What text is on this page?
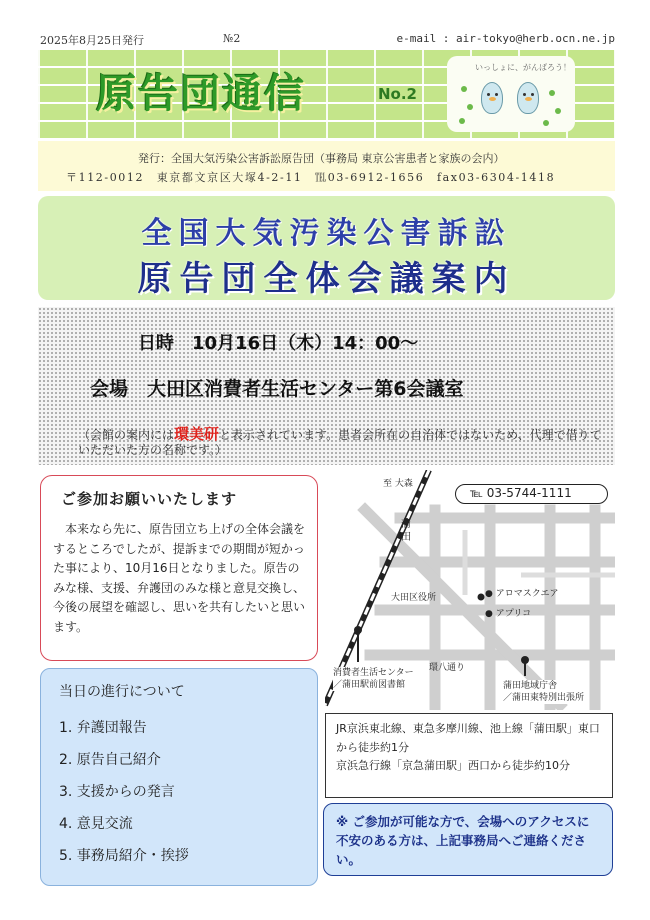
2025年8月25日発行	№2	e-mail : air-tokyo@herb.ocn.ne.jp
原告団通信	No.2
いっしょに、がんばろう！
発行：全国大気汚染公害訴訟原告団（事務局 東京公害患者と家族の会内）
〒112-0012　東京都文京区大塚4-2-11　℡03-6912-1656　fax03-6304-1418
全国大気汚染公害訴訟
原告団全体会議案内
日時　10月16日（木）14：00～
会場　大田区消費者生活センター第6会議室
（会館の案内には環美研と表示されています。患者会所在の自治体ではないため、代理で借りていただいた方の名称です。）
ご参加お願いいたします
本来なら先に、原告団立ち上げの全体会議をするところでしたが、提訴までの期間が短かった事により、10月16日となりました。原告のみな様、支援、弁護団のみな様と意見交換し、今後の展望を確認し、思いを共有したいと思います。
℡ 03-5744-1111
至 大森
蒲田
大田区役所	● アロマスクエア
● アプリコ
環八通り
消費者生活センター
／蒲田駅前図書館	蒲田地域庁舎
／蒲田東特別出張所
当日の進行について
1. 弁護団報告
2. 原告自己紹介
3. 支援からの発言
4. 意見交流
5. 事務局紹介・挨拶
JR京浜東北線、東急多摩川線、池上線「蒲田駅」東口から徒歩約1分
京浜急行線「京急蒲田駅」西口から徒歩約10分
※ ご参加が可能な方で、会場へのアクセスに不安のある方は、上記事務局へご連絡ください。
